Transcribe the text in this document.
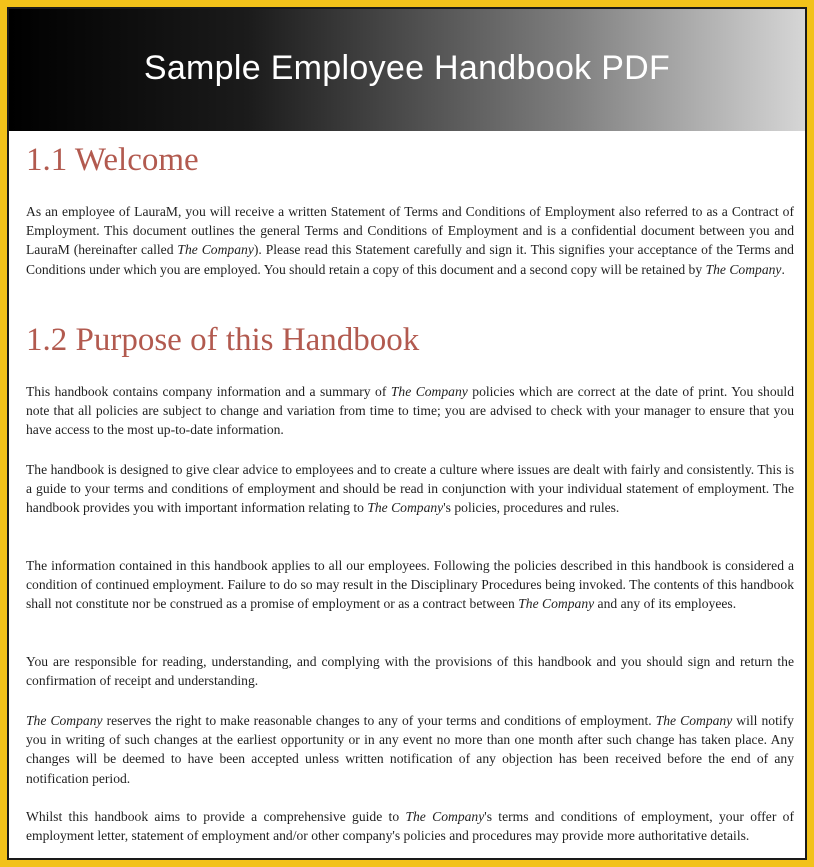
Sample Employee Handbook PDF
1.1 Welcome

As an employee of LauraM, you will receive a written Statement of Terms and Conditions of Employment also referred to as a Contract of Employment. This document outlines the general Terms and Conditions of Employment and is a confidential document between you and LauraM (hereinafter called The Company). Please read this Statement carefully and sign it. This signifies your acceptance of the Terms and Conditions under which you are employed. You should retain a copy of this document and a second copy will be retained by The Company.

1.2 Purpose of this Handbook

This handbook contains company information and a summary of The Company policies which are correct at the date of print. You should note that all policies are subject to change and variation from time to time; you are advised to check with your manager to ensure that you have access to the most up-to-date information.

The handbook is designed to give clear advice to employees and to create a culture where issues are dealt with fairly and consistently. This is a guide to your terms and conditions of employment and should be read in conjunction with your individual statement of employment. The handbook provides you with important information relating to The Company's policies, procedures and rules.

The information contained in this handbook applies to all our employees. Following the policies described in this handbook is considered a condition of continued employment. Failure to do so may result in the Disciplinary Procedures being invoked. The contents of this handbook shall not constitute nor be construed as a promise of employment or as a contract between The Company and any of its employees.

You are responsible for reading, understanding, and complying with the provisions of this handbook and you should sign and return the confirmation of receipt and understanding.

The Company reserves the right to make reasonable changes to any of your terms and conditions of employment. The Company will notify you in writing of such changes at the earliest opportunity or in any event no more than one month after such change has taken place. Any changes will be deemed to have been accepted unless written notification of any objection has been received before the end of any notification period.

Whilst this handbook aims to provide a comprehensive guide to The Company's terms and conditions of employment, your offer of employment letter, statement of employment and/or other company's policies and procedures may provide more authoritative details.
